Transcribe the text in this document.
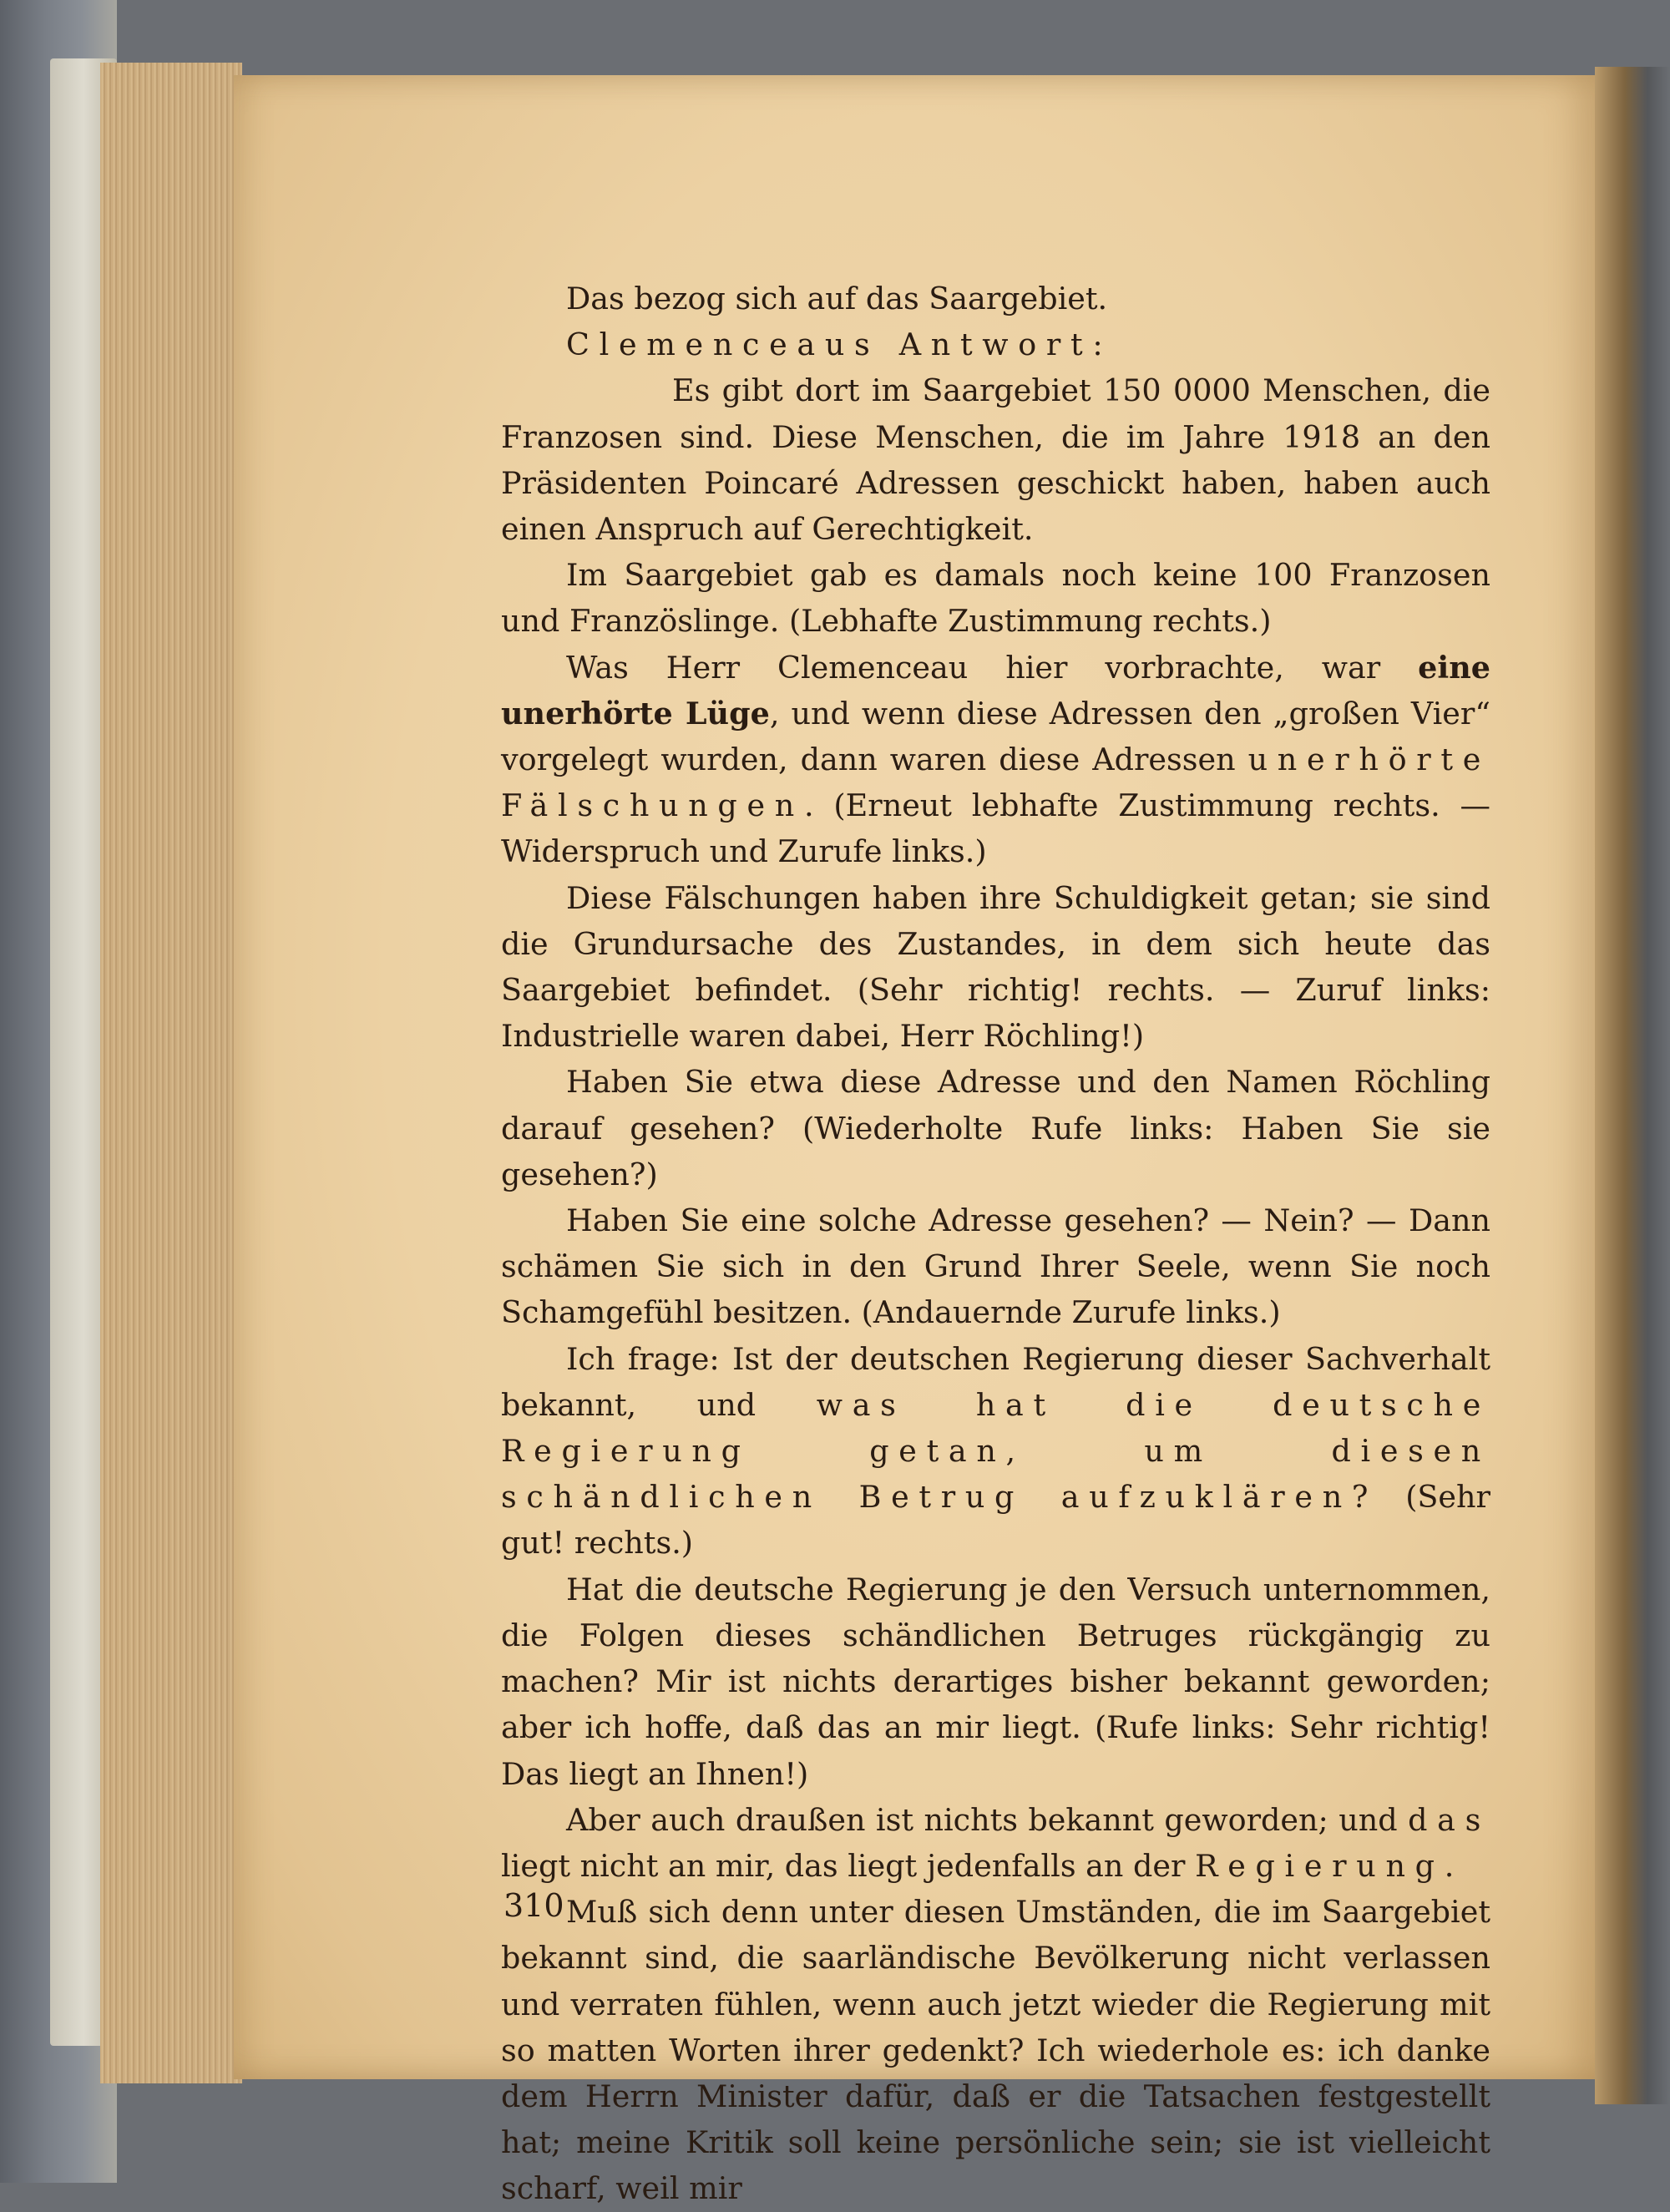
Das bezog sich auf das Saargebiet.

Clemenceaus Antwort:

Es gibt dort im Saargebiet 150 0000 Menschen, die Franzosen sind. Diese Menschen, die im Jahre 1918 an den Präsidenten Poincaré Adressen geschickt haben, haben auch einen Anspruch auf Gerechtigkeit.

Im Saargebiet gab es damals noch keine 100 Franzosen und Französlinge. (Lebhafte Zustimmung rechts.)

Was Herr Clemenceau hier vorbrachte, war eine unerhörte Lüge, und wenn diese Adressen den „großen Vier“ vorgelegt wurden, dann waren diese Adressen unerhörte Fälschungen. (Erneut lebhafte Zustimmung rechts. — Widerspruch und Zurufe links.)

Diese Fälschungen haben ihre Schuldigkeit getan; sie sind die Grundursache des Zustandes, in dem sich heute das Saargebiet befindet. (Sehr richtig! rechts. — Zuruf links: Industrielle waren dabei, Herr Röchling!)

Haben Sie etwa diese Adresse und den Namen Röchling darauf gesehen? (Wiederholte Rufe links: Haben Sie sie gesehen?)

Haben Sie eine solche Adresse gesehen? — Nein? — Dann schämen Sie sich in den Grund Ihrer Seele, wenn Sie noch Schamgefühl besitzen. (Andauernde Zurufe links.)

Ich frage: Ist der deutschen Regierung dieser Sachverhalt bekannt, und was hat die deutsche Regierung getan, um diesen schändlichen Betrug aufzuklären? (Sehr gut! rechts.)

Hat die deutsche Regierung je den Versuch unternommen, die Folgen dieses schändlichen Betruges rückgängig zu machen? Mir ist nichts derartiges bisher bekannt geworden; aber ich hoffe, daß das an mir liegt. (Rufe links: Sehr richtig! Das liegt an Ihnen!)

Aber auch draußen ist nichts bekannt geworden; und das liegt nicht an mir, das liegt jedenfalls an der Regierung.

Muß sich denn unter diesen Umständen, die im Saargebiet bekannt sind, die saarländische Bevölkerung nicht verlassen und verraten fühlen, wenn auch jetzt wieder die Regierung mit so matten Worten ihrer gedenkt? Ich wiederhole es: ich danke dem Herrn Minister dafür, daß er die Tatsachen festgestellt hat; meine Kritik soll keine persönliche sein; sie ist vielleicht scharf, weil mir

310
